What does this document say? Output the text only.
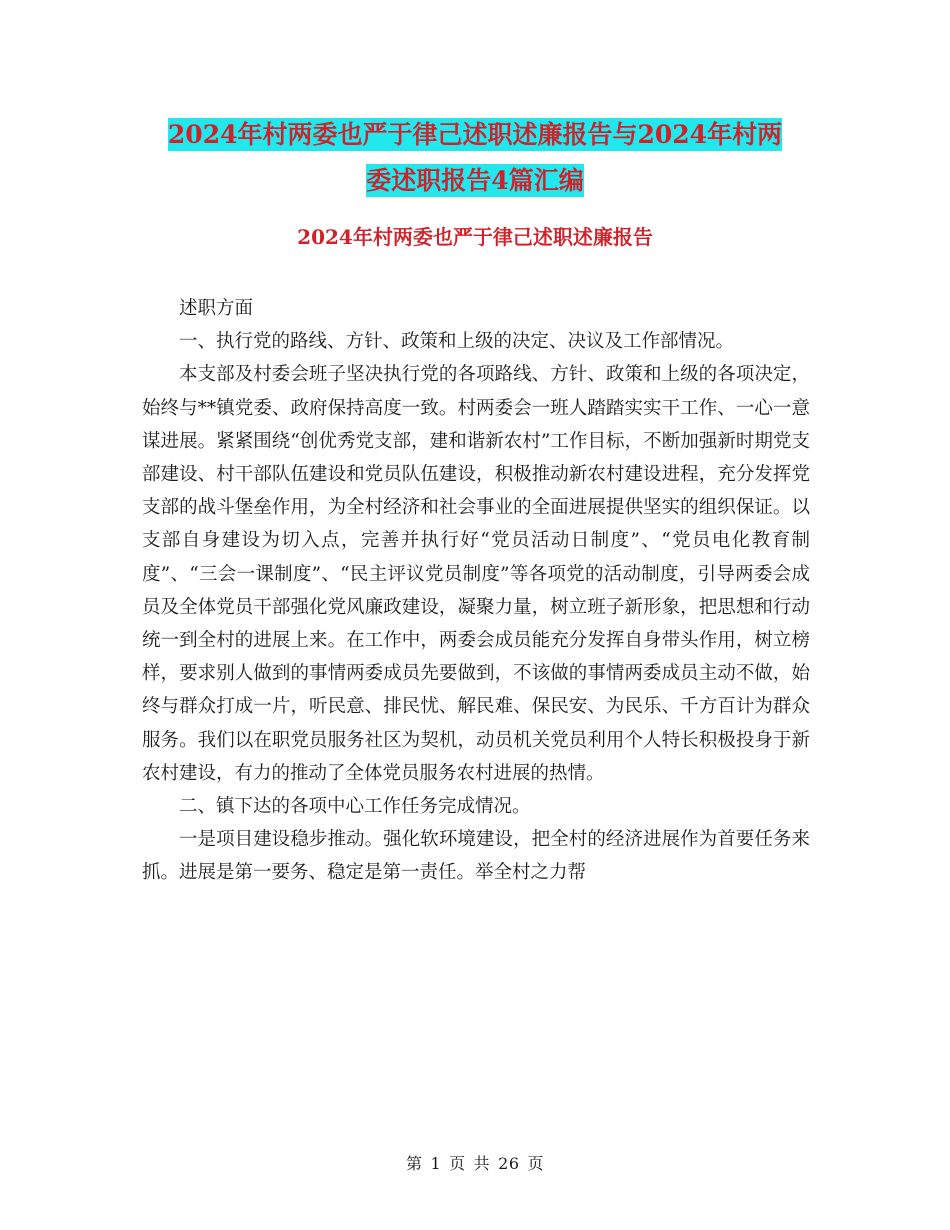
2024年村两委也严于律己述职述廉报告与2024年村两
委述职报告4篇汇编
2024年村两委也严于律己述职述廉报告

述职方面

一、执行党的路线、方针、政策和上级的决定、决议及工作部情况。

本支部及村委会班子坚决执行党的各项路线、方针、政策和上级的各项决定，始终与**镇党委、政府保持高度一致。村两委会一班人踏踏实实干工作、一心一意谋进展。紧紧围绕“创优秀党支部，建和谐新农村”工作目标，不断加强新时期党支部建设、村干部队伍建设和党员队伍建设，积极推动新农村建设进程，充分发挥党支部的战斗堡垒作用，为全村经济和社会事业的全面进展提供坚实的组织保证。以支部自身建设为切入点，完善并执行好“党员活动日制度”、“党员电化教育制度”、“三会一课制度”、“民主评议党员制度”等各项党的活动制度，引导两委会成员及全体党员干部强化党风廉政建设，凝聚力量，树立班子新形象，把思想和行动统一到全村的进展上来。在工作中，两委会成员能充分发挥自身带头作用，树立榜样，要求别人做到的事情两委成员先要做到，不该做的事情两委成员主动不做，始终与群众打成一片，听民意、排民忧、解民难、保民安、为民乐、千方百计为群众服务。我们以在职党员服务社区为契机，动员机关党员利用个人特长积极投身于新农村建设，有力的推动了全体党员服务农村进展的热情。

二、镇下达的各项中心工作任务完成情况。

一是项目建设稳步推动。强化软环境建设，把全村的经济进展作为首要任务来抓。进展是第一要务、稳定是第一责任。举全村之力帮

第 1 页 共 26 页
